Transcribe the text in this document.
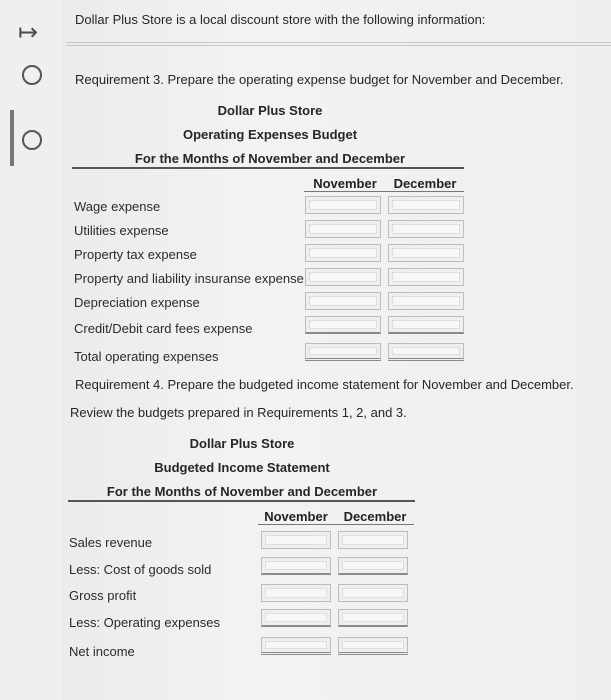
↦	Dollar Plus Store is a local discount store with the following information:
Requirement 3. Prepare the operating expense budget for November and December.
Dollar Plus Store
Operating Expenses Budget
For the Months of November and December
November December
Wage expense
Utilities expense
Property tax expense
Property and liability insuranse expense
Depreciation expense
Credit/Debit card fees expense
Total operating expenses
Requirement 4. Prepare the budgeted income statement for November and December.
Review the budgets prepared in Requirements 1, 2, and 3.
Dollar Plus Store
Budgeted Income Statement
For the Months of November and December
November December
Sales revenue
Less: Cost of goods sold
Gross profit
Less: Operating expenses
Net income
